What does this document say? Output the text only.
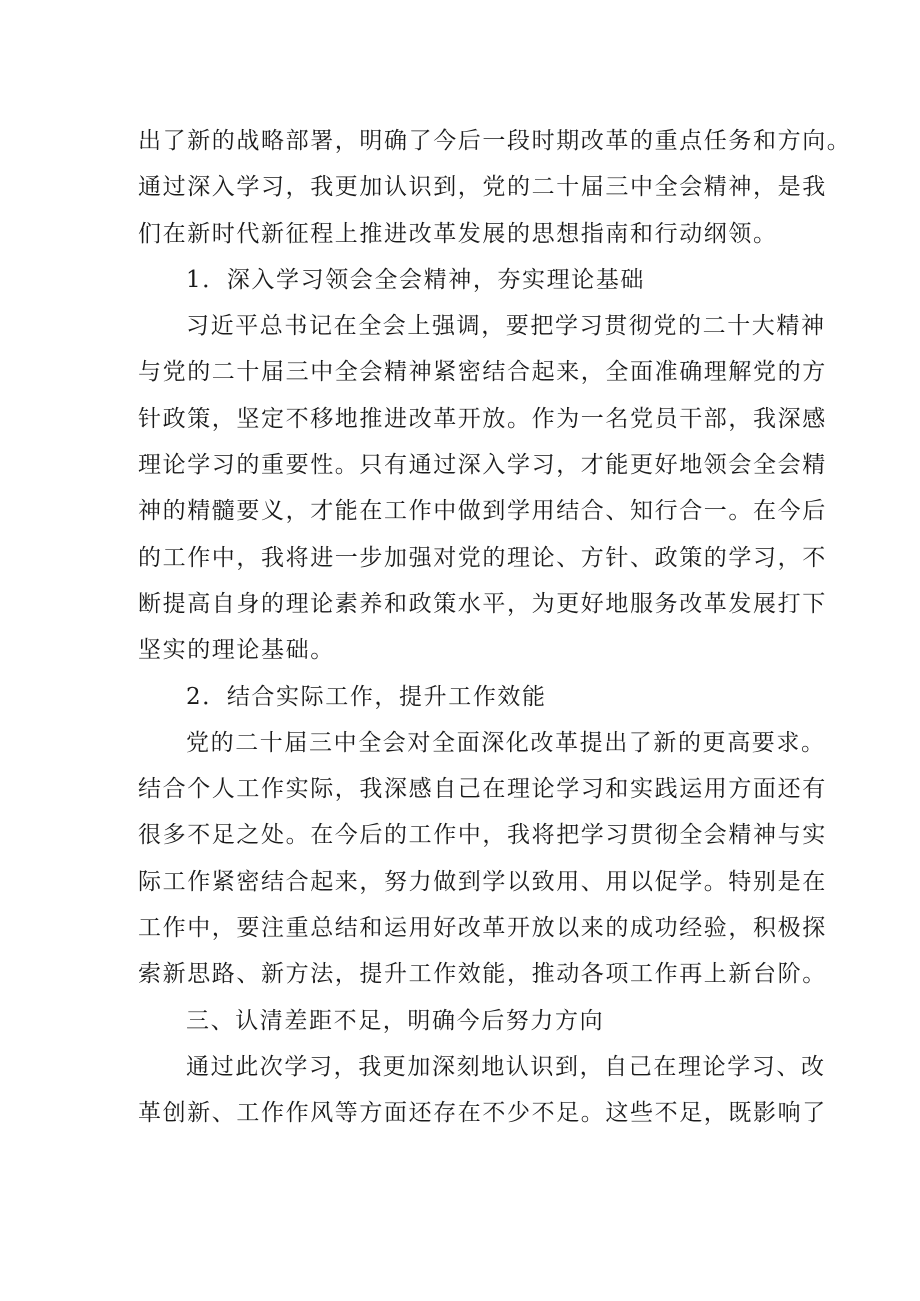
出了新的战略部署，明确了今后一段时期改革的重点任务和方向。
通过深入学习，我更加认识到，党的二十届三中全会精神，是我
们在新时代新征程上推进改革发展的思想指南和行动纲领。
1．深入学习领会全会精神，夯实理论基础
习近平总书记在全会上强调，要把学习贯彻党的二十大精神
与党的二十届三中全会精神紧密结合起来，全面准确理解党的方
针政策，坚定不移地推进改革开放。作为一名党员干部，我深感
理论学习的重要性。只有通过深入学习，才能更好地领会全会精
神的精髓要义，才能在工作中做到学用结合、知行合一。在今后
的工作中，我将进一步加强对党的理论、方针、政策的学习，不
断提高自身的理论素养和政策水平，为更好地服务改革发展打下
坚实的理论基础。
2．结合实际工作，提升工作效能
党的二十届三中全会对全面深化改革提出了新的更高要求。
结合个人工作实际，我深感自己在理论学习和实践运用方面还有
很多不足之处。在今后的工作中，我将把学习贯彻全会精神与实
际工作紧密结合起来，努力做到学以致用、用以促学。特别是在
工作中，要注重总结和运用好改革开放以来的成功经验，积极探
索新思路、新方法，提升工作效能，推动各项工作再上新台阶。
三、认清差距不足，明确今后努力方向
通过此次学习，我更加深刻地认识到，自己在理论学习、改
革创新、工作作风等方面还存在不少不足。这些不足，既影响了
